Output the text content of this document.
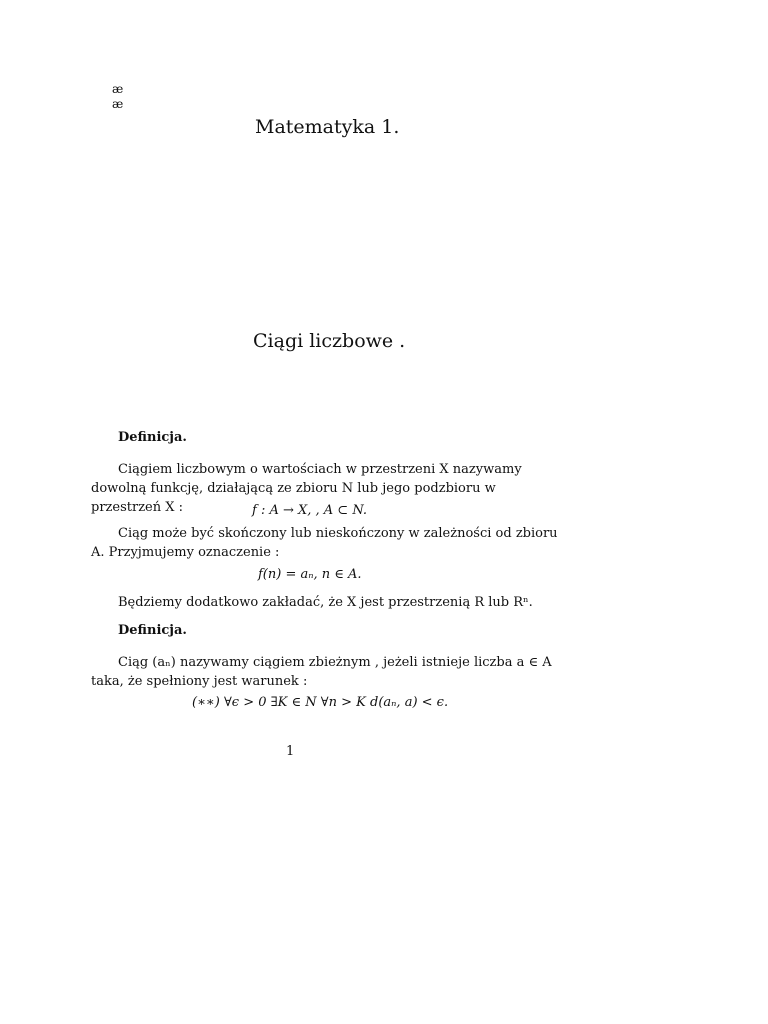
æ
æ
Matematyka 1.
Ciągi liczbowe .
Definicja.
Ciągiem liczbowym o wartościach w przestrzeni X nazywamy dowolną funkcję, działającą ze zbioru N lub jego podzbioru w przestrzeń X :	f : A → X, , A ⊂ N.
Ciąg może być skończony lub nieskończony w zależności od zbioru A. Przyjmujemy oznaczenie :
f(n) = aₙ, n ∈ A.
Będziemy dodatkowo zakładać, że X jest przestrzenią R lub Rⁿ.
Definicja.
Ciąg (aₙ) nazywamy ciągiem zbieżnym , jeżeli istnieje liczba a ∈ A taka, że spełniony jest warunek :
(∗∗) ∀ϵ > 0 ∃K ∈ N ∀n > K d(aₙ, a) < ϵ.
1
